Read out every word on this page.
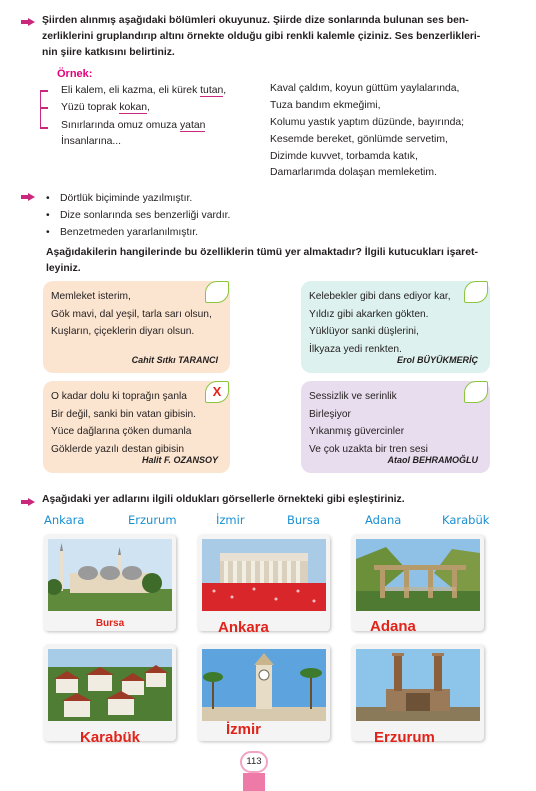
Şiirden alınmış aşağıdaki bölümleri okuyunuz. Şiirde dize sonlarında bulunan ses ben-
zerliklerini gruplandırıp altını örnekte olduğu gibi renkli kalemle çiziniz. Ses benzerlikleri-
nin şiire katkısını belirtiniz.
Örnek:
Eli kalem, eli kazma, eli kürek tutan,
Yüzü toprak kokan,
Sınırlarında omuz omuza yatan
İnsanlarına...
Kaval çaldım, koyun güttüm yaylalarında,
Tuza bandım ekmeğimi,
Kolumu yastık yaptım düzünde, bayırında;
Kesemde bereket, gönlümde servetim,
Dizimde kuvvet, torbamda katık,
Damarlarımda dolaşan memleketim.
• Dörtlük biçiminde yazılmıştır.
• Dize sonlarında ses benzerliği vardır.
• Benzetmeden yararlanılmıştır.
Aşağıdakilerin hangilerinde bu özelliklerin tümü yer almaktadır? İlgili kutucukları işaret-
leyiniz.
Memleket isterim,
Gök mavi, dal yeşil, tarla sarı olsun,
Kuşların, çiçeklerin diyarı olsun.
Cahit Sıtkı TARANCI
Kelebekler gibi dans ediyor kar,
Yıldız gibi akarken gökten.
Yüklüyor sanki düşlerini,
İlkyaza yedi renkten.
Erol BÜYÜKMERİÇ
O kadar dolu ki toprağın şanla
Bir değil, sanki bin vatan gibisin.
Yüce dağlarına çöken dumanla
Göklerde yazılı destan gibisin
Halit F. OZANSOY
X	Sessizlik ve serinlik
Birleşiyor
Yıkanmış güvercinler
Ve çok uzakta bir tren sesi
Ataol BEHRAMOĞLU
Aşağıdaki yer adlarını ilgili oldukları görsellerle örnekteki gibi eşleştiriniz.
Ankara	Erzurum	İzmir	Bursa	Adana	Karabük
Bursa	Ankara	Adana
Karabük	İzmir	Erzurum
113
